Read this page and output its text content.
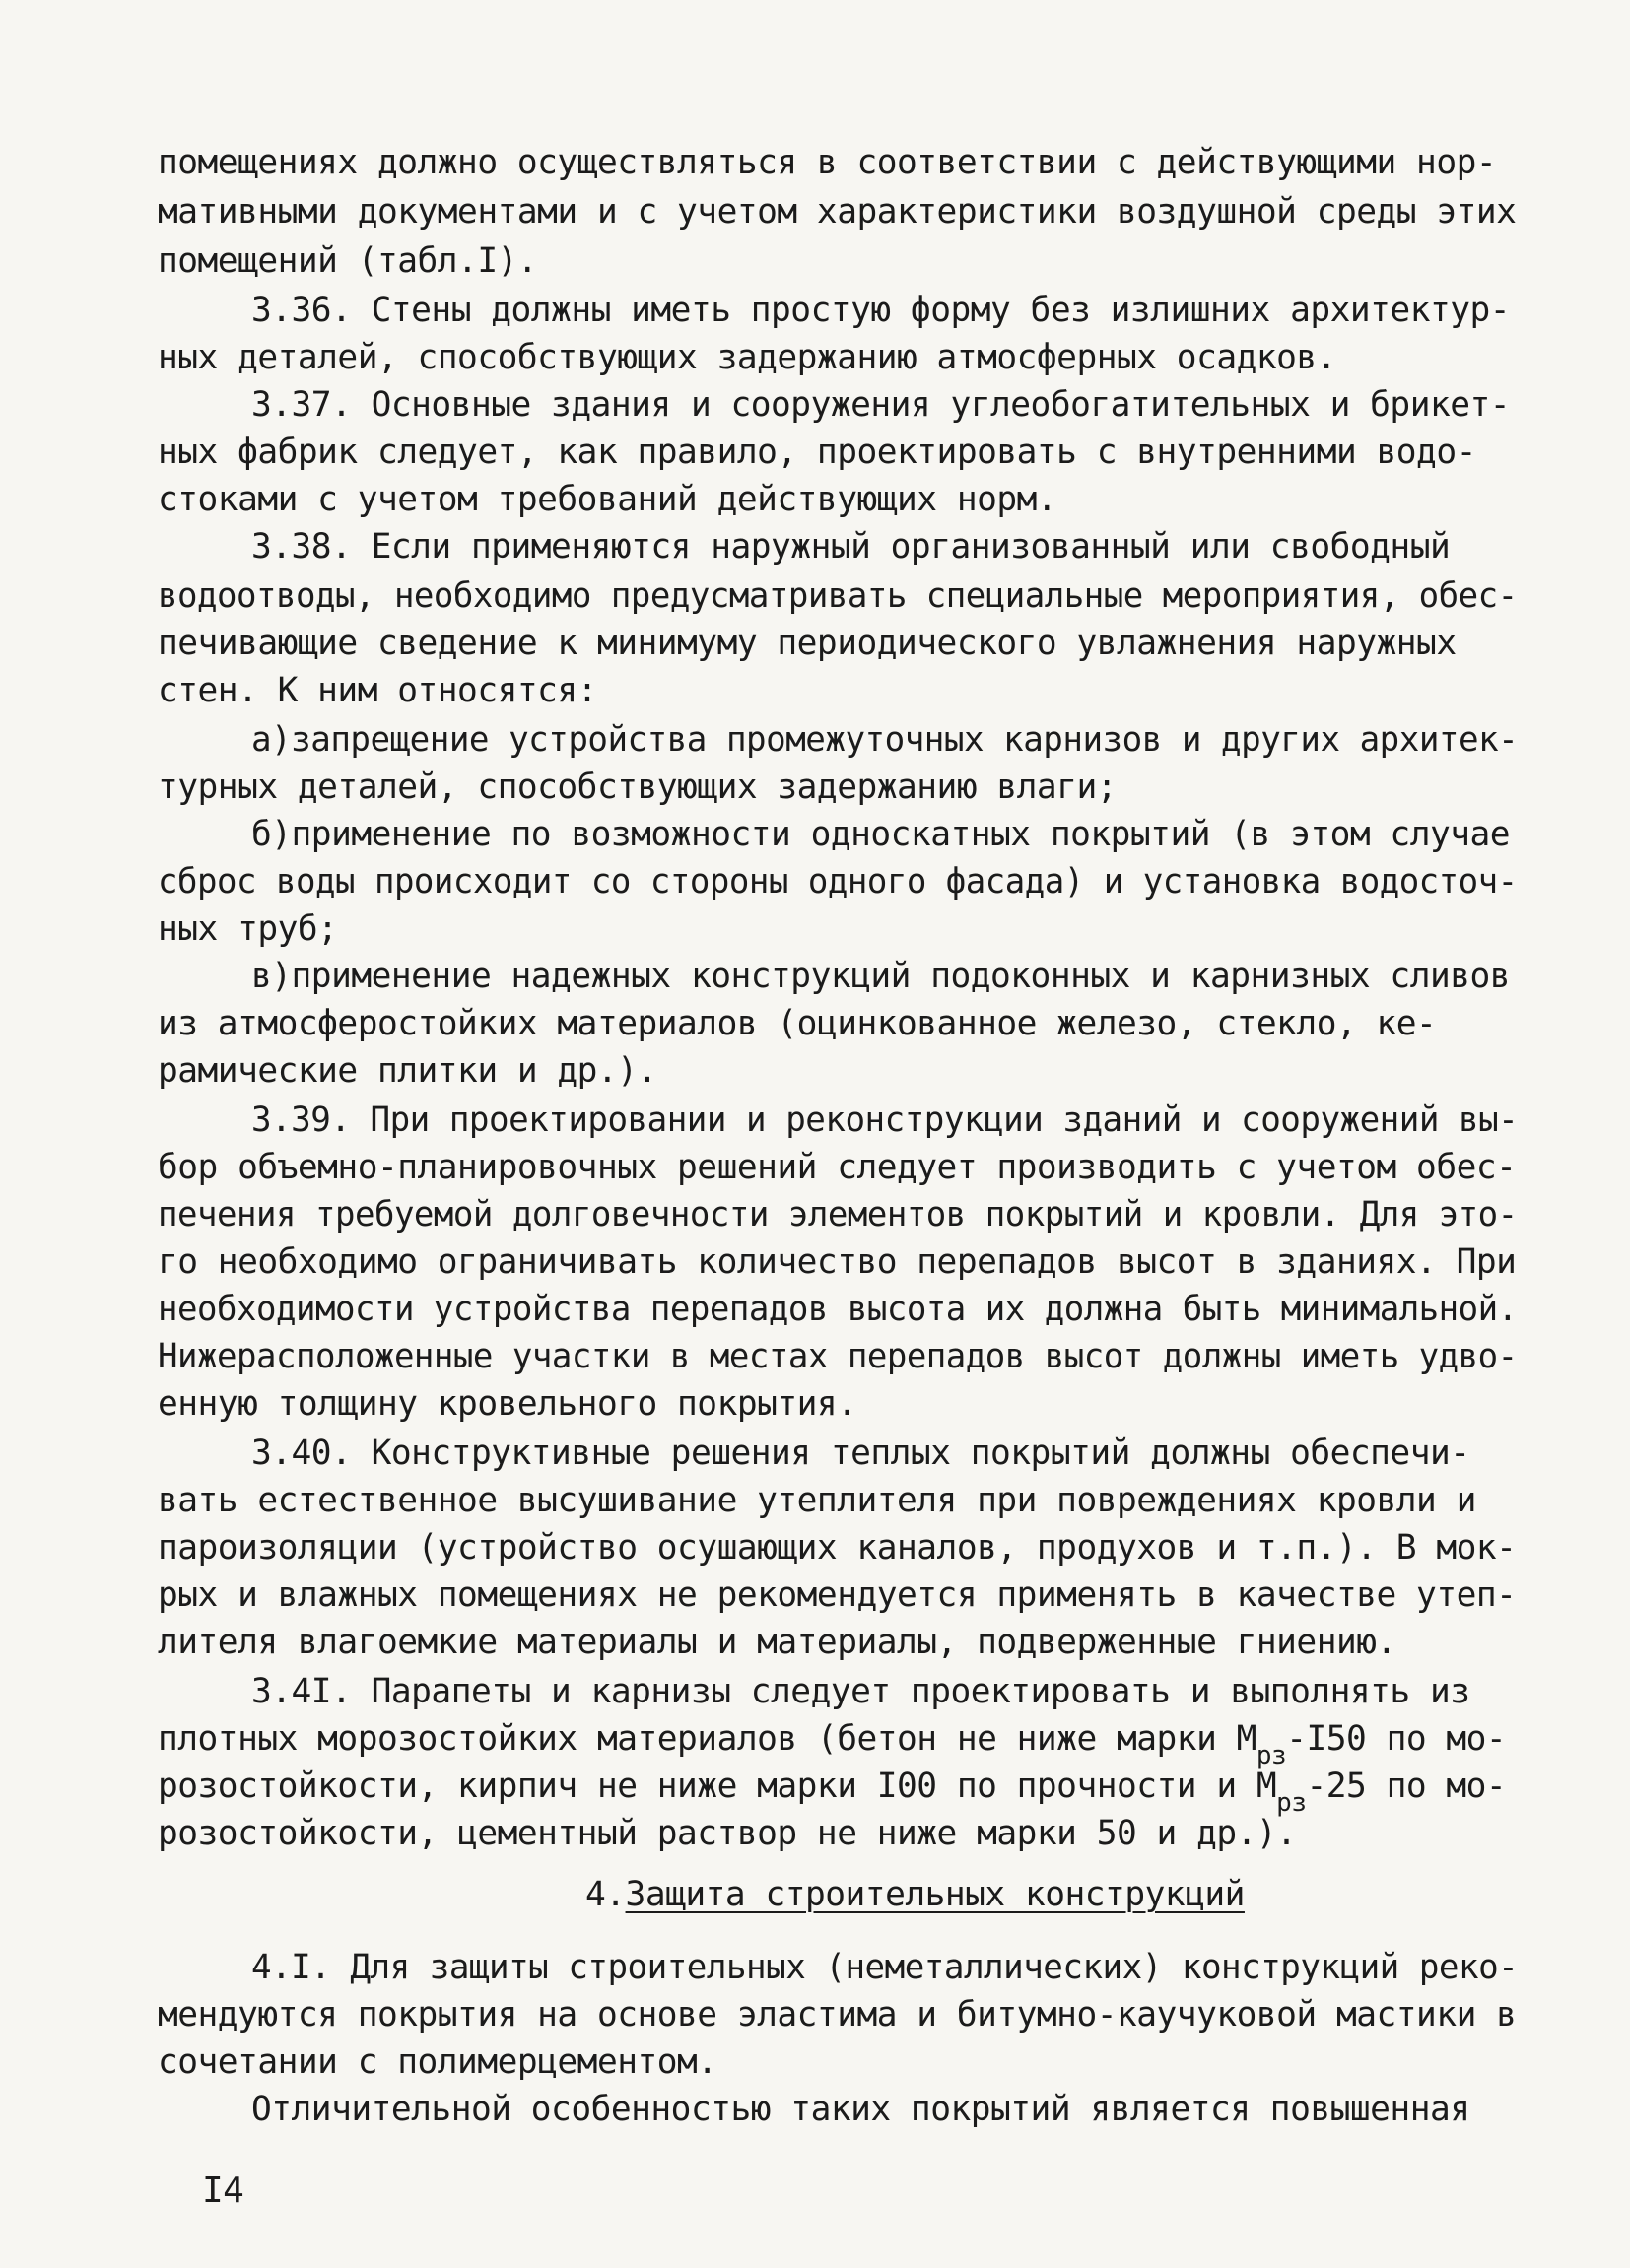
помещениях должно осуществляться в соответствии с действующими нор-
мативными документами и с учетом характеристики воздушной среды этих
помещений (табл.I).
3.36. Стены должны иметь простую форму без излишних архитектур-
ных деталей, способствующих задержанию атмосферных осадков.
3.37. Основные здания и сооружения углеобогатительных и брикет-
ных фабрик следует, как правило, проектировать с внутренними водо-
стоками с учетом требований действующих норм.
3.38. Если применяются наружный организованный или свободный
водоотводы, необходимо предусматривать специальные мероприятия, обес-
печивающие сведение к минимуму периодического увлажнения наружных
стен. К ним относятся:
а)запрещение устройства промежуточных карнизов и других архитек-
турных деталей, способствующих задержанию влаги;
б)применение по возможности односкатных покрытий (в этом случае
сброс воды происходит со стороны одного фасада) и установка водосточ-
ных труб;
в)применение надежных конструкций подоконных и карнизных сливов
из атмосферостойких материалов (оцинкованное железо, стекло, ке-
рамические плитки и др.).
3.39. При проектировании и реконструкции зданий и сооружений вы-
бор объемно-планировочных решений следует производить с учетом обес-
печения требуемой долговечности элементов покрытий и кровли. Для это-
го необходимо ограничивать количество перепадов высот в зданиях. При
необходимости устройства перепадов высота их должна быть минимальной.
Нижерасположенные участки в местах перепадов высот должны иметь удво-
енную толщину кровельного покрытия.
3.40. Конструктивные решения теплых покрытий должны обеспечи-
вать естественное высушивание утеплителя при повреждениях кровли и
пароизоляции (устройство осушающих каналов, продухов и т.п.). В мок-
рых и влажных помещениях не рекомендуется применять в качестве утеп-
лителя влагоемкие материалы и материалы, подверженные гниению.
3.4I. Парапеты и карнизы следует проектировать и выполнять из
плотных морозостойких материалов (бетон не ниже марки $М_{рз}-I50$ по мо-
розостойкости, кирпич не ниже марки I00 по прочности и $М_{рз}-25$ по мо-
розостойкости, цементный раствор не ниже марки 50 и др.).
4.Защита строительных конструкций
4.I. Для защиты строительных (неметаллических) конструкций реко-
мендуются покрытия на основе эластима и битумно-каучуковой мастики в
сочетании с полимерцементом.
Отличительной особенностью таких покрытий является повышенная
I4
